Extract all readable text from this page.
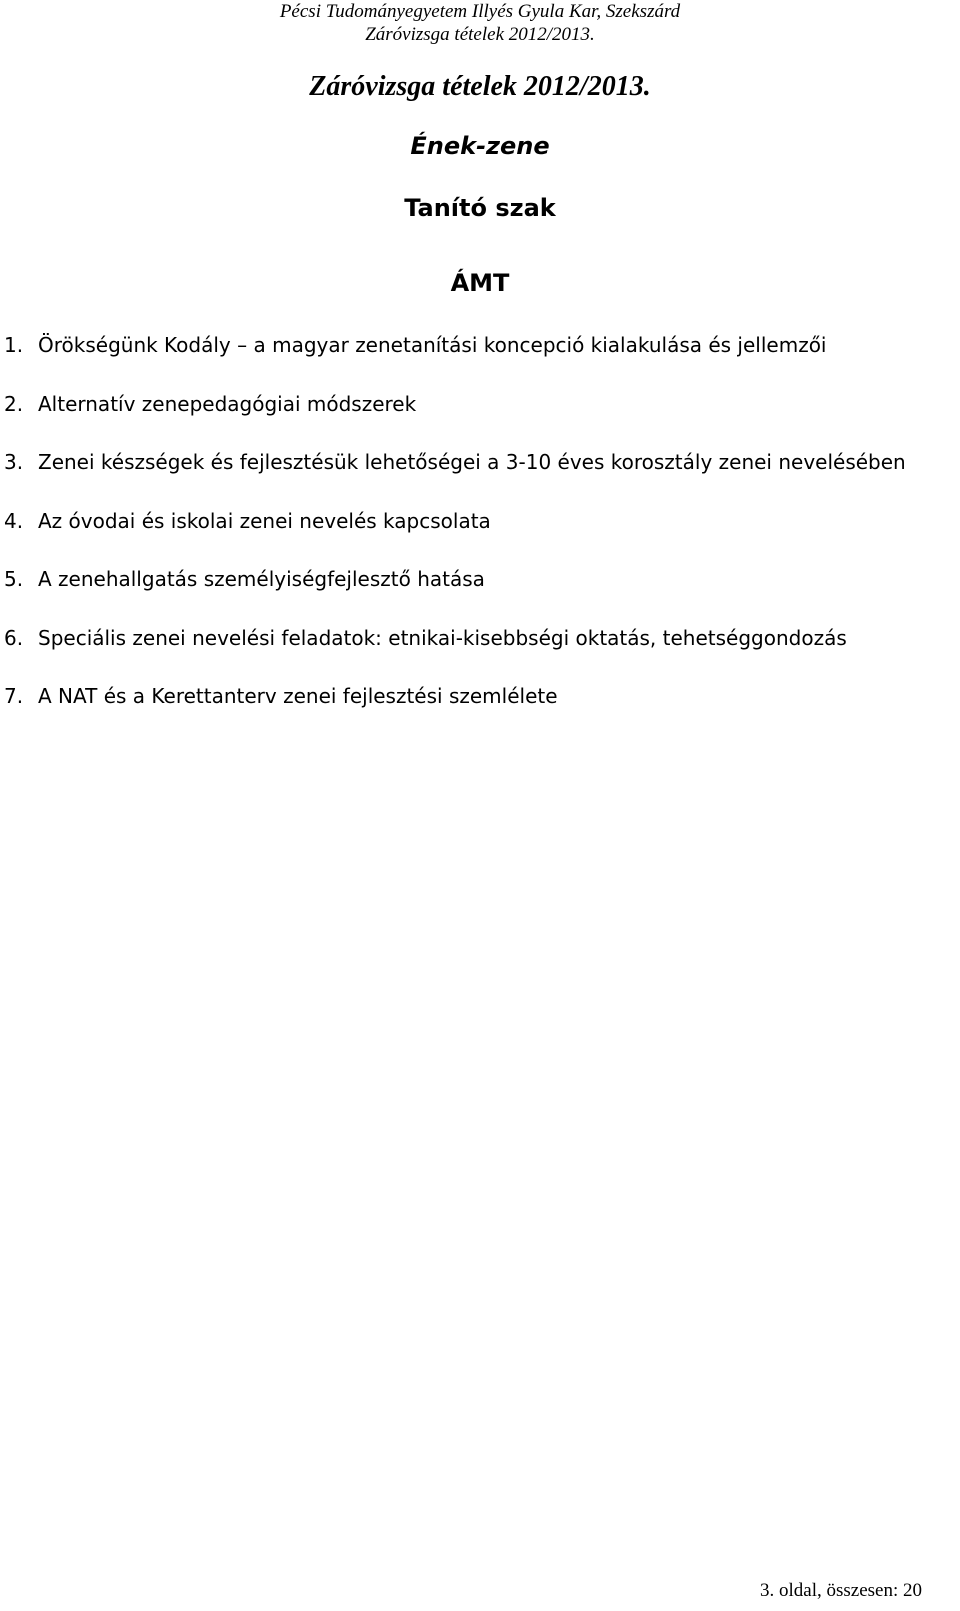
Pécsi Tudományegyetem Illyés Gyula Kar, Szekszárd
Záróvizsga tételek 2012/2013.
Záróvizsga tételek 2012/2013.
Ének-zene
Tanító szak
ÁMT
1. Örökségünk Kodály – a magyar zenetanítási koncepció kialakulása és jellemzői
2. Alternatív zenepedagógiai módszerek
3. Zenei készségek és fejlesztésük lehetőségei a 3-10 éves korosztály zenei nevelésében
4. Az óvodai és iskolai zenei nevelés kapcsolata
5. A zenehallgatás személyiségfejlesztő hatása
6. Speciális zenei nevelési feladatok: etnikai-kisebbségi oktatás, tehetséggondozás
7. A NAT és a Kerettanterv zenei fejlesztési szemlélete
3. oldal, összesen: 20
